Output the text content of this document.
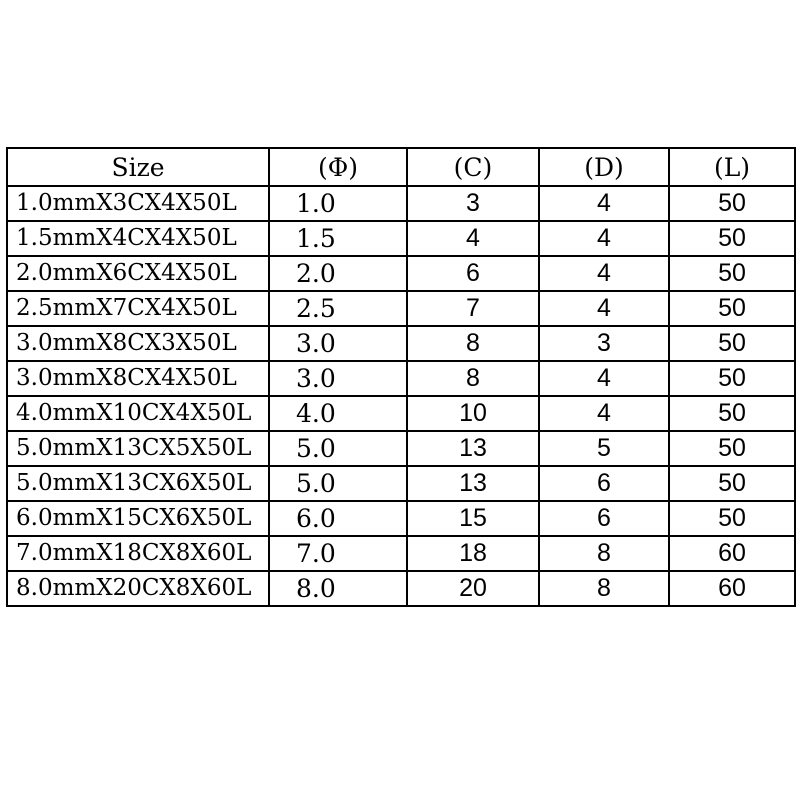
Size	(Φ)	(C)	(D)	(L)
1.0mmX3CX4X50L	1.0	3	4	50
1.5mmX4CX4X50L	1.5	4	4	50
2.0mmX6CX4X50L	2.0	6	4	50
2.5mmX7CX4X50L	2.5	7	4	50
3.0mmX8CX3X50L	3.0	8	3	50
3.0mmX8CX4X50L	3.0	8	4	50
4.0mmX10CX4X50L	4.0	10	4	50
5.0mmX13CX5X50L	5.0	13	5	50
5.0mmX13CX6X50L	5.0	13	6	50
6.0mmX15CX6X50L	6.0	15	6	50
7.0mmX18CX8X60L	7.0	18	8	60
8.0mmX20CX8X60L	8.0	20	8	60
